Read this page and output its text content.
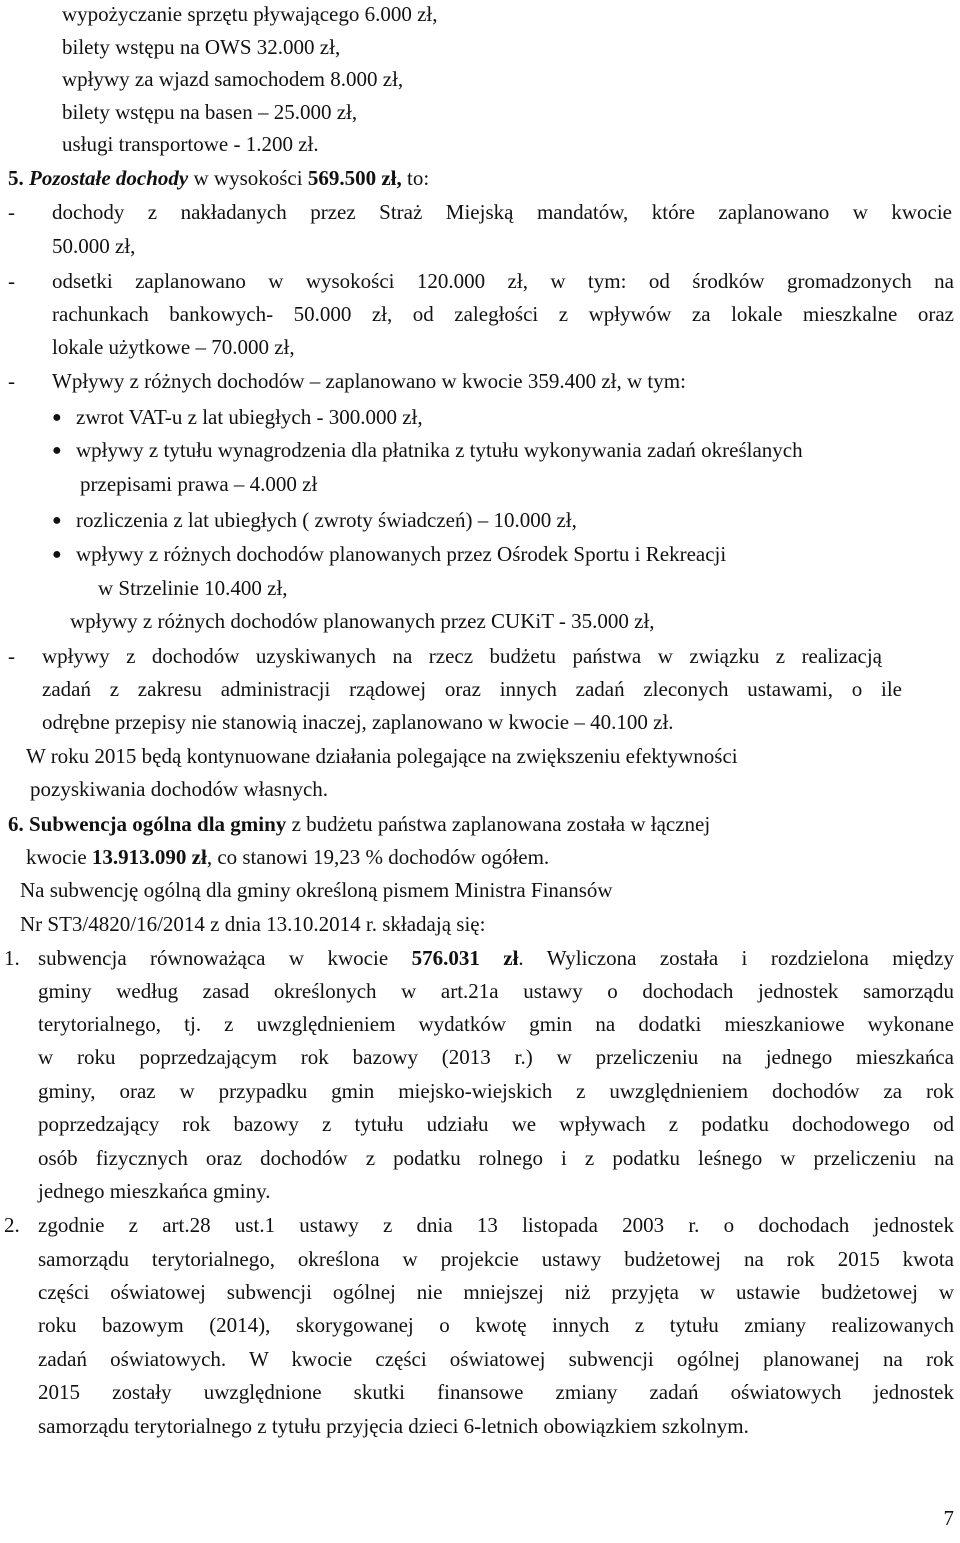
wypożyczanie sprzętu pływającego 6.000 zł,
bilety wstępu na OWS 32.000 zł,
wpływy za wjazd samochodem 8.000 zł,
bilety wstępu na basen – 25.000 zł,
usługi transportowe - 1.200 zł.
5. Pozostałe dochody w wysokości 569.500 zł, to:
- dochody z nakładanych przez Straż Miejską mandatów, które zaplanowano w kwocie
50.000 zł,
- odsetki zaplanowano w wysokości 120.000 zł, w tym: od środków gromadzonych na
rachunkach bankowych- 50.000 zł, od zaległości z wpływów za lokale mieszkalne oraz
lokale użytkowe – 70.000 zł,
- Wpływy z różnych dochodów – zaplanowano w kwocie 359.400 zł, w tym:
● zwrot VAT-u z lat ubiegłych - 300.000 zł,
● wpływy z tytułu wynagrodzenia dla płatnika z tytułu wykonywania zadań określanych
przepisami prawa – 4.000 zł
● rozliczenia z lat ubiegłych ( zwroty świadczeń) – 10.000 zł,
● wpływy z różnych dochodów planowanych przez Ośrodek Sportu i Rekreacji
w Strzelinie 10.400 zł,
wpływy z różnych dochodów planowanych przez CUKiT - 35.000 zł,
- wpływy z dochodów uzyskiwanych na rzecz budżetu państwa w związku z realizacją
zadań z zakresu administracji rządowej oraz innych zadań zleconych ustawami, o ile
odrębne przepisy nie stanowią inaczej, zaplanowano w kwocie – 40.100 zł.
W roku 2015 będą kontynuowane działania polegające na zwiększeniu efektywności
pozyskiwania dochodów własnych.
6. Subwencja ogólna dla gminy z budżetu państwa zaplanowana została w łącznej
kwocie 13.913.090 zł, co stanowi 19,23 % dochodów ogółem.
Na subwencję ogólną dla gminy określoną pismem Ministra Finansów
Nr ST3/4820/16/2014 z dnia 13.10.2014 r. składają się:
1. subwencja równoważąca w kwocie 576.031 zł. Wyliczona została i rozdzielona między
gminy według zasad określonych w art.21a ustawy o dochodach jednostek samorządu
terytorialnego, tj. z uwzględnieniem wydatków gmin na dodatki mieszkaniowe wykonane
w roku poprzedzającym rok bazowy (2013 r.) w przeliczeniu na jednego mieszkańca
gminy, oraz w przypadku gmin miejsko-wiejskich z uwzględnieniem dochodów za rok
poprzedzający rok bazowy z tytułu udziału we wpływach z podatku dochodowego od
osób fizycznych oraz dochodów z podatku rolnego i z podatku leśnego w przeliczeniu na
jednego mieszkańca gminy.
2. zgodnie z art.28 ust.1 ustawy z dnia 13 listopada 2003 r. o dochodach jednostek
samorządu terytorialnego, określona w projekcie ustawy budżetowej na rok 2015 kwota
części oświatowej subwencji ogólnej nie mniejszej niż przyjęta w ustawie budżetowej w
roku bazowym (2014), skorygowanej o kwotę innych z tytułu zmiany realizowanych
zadań oświatowych. W kwocie części oświatowej subwencji ogólnej planowanej na rok
2015 zostały uwzględnione skutki finansowe zmiany zadań oświatowych jednostek
samorządu terytorialnego z tytułu przyjęcia dzieci 6-letnich obowiązkiem szkolnym.
7
